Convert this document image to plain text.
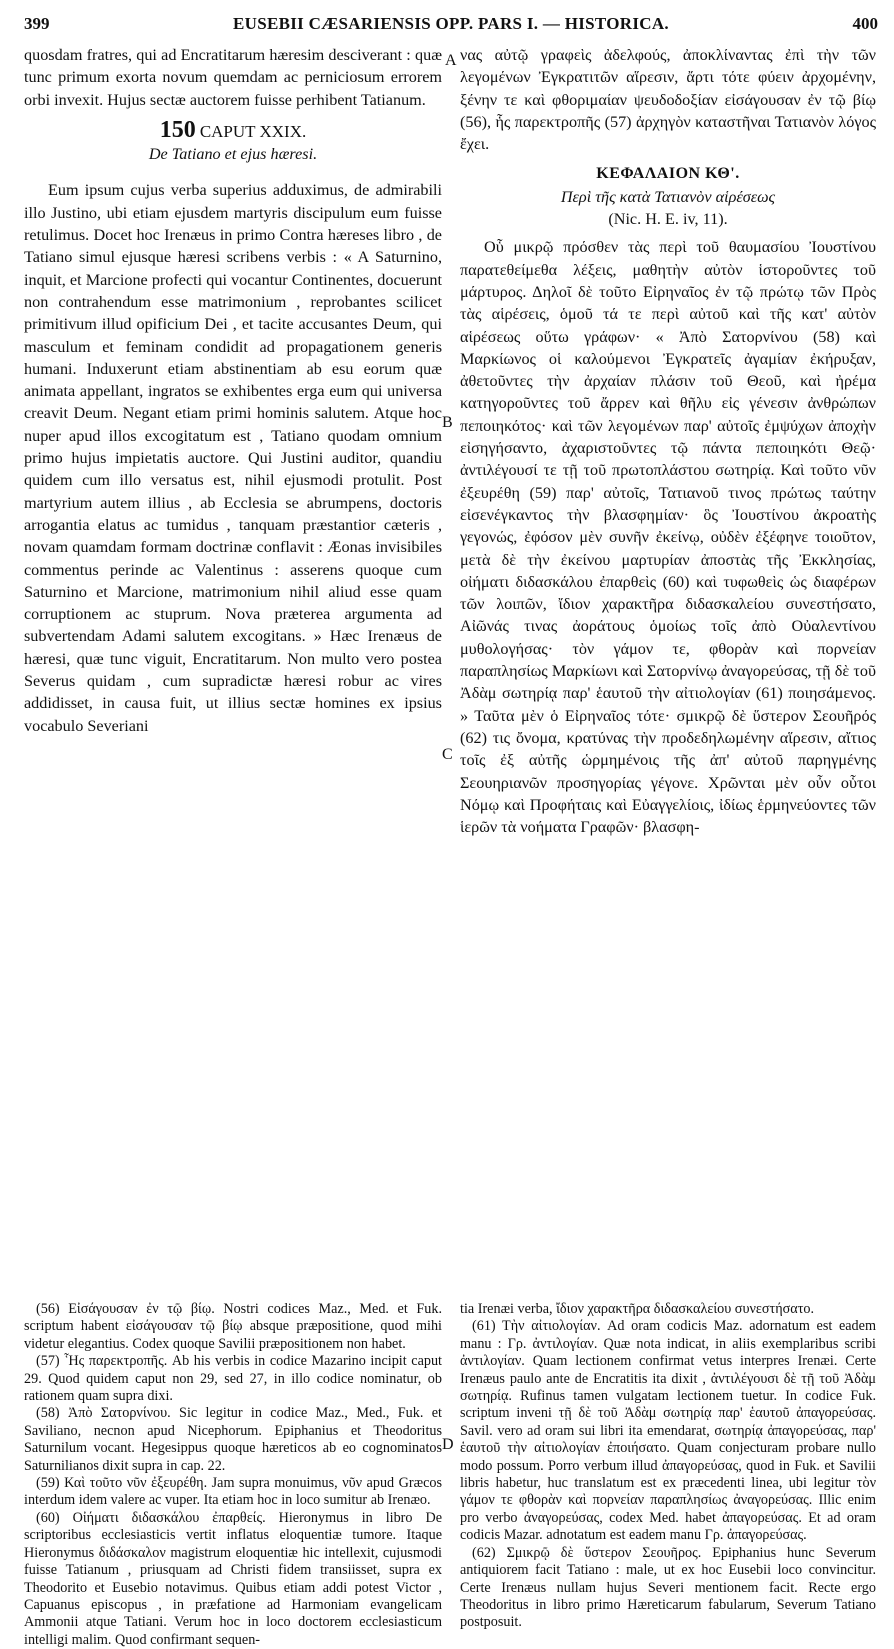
399	EUSEBII CÆSARIENSIS OPP. PARS I. — HISTORICA.	400

quosdam fratres, qui ad Encratitarum hæresim desciverant : quæ tunc primum exorta novum quemdam ac perniciosum errorem orbi invexit. Hujus sectæ auctorem fuisse perhibent Tatianum.

150 CAPUT XXIX.

De Tatiano et ejus hæresi.

Eum ipsum cujus verba superius adduximus, de admirabili illo Justino, ubi etiam ejusdem martyris discipulum eum fuisse retulimus. Docet hoc Irenæus in primo Contra hæreses libro , de Tatiano simul ejusque hæresi scribens verbis : « A Saturnino, inquit, et Marcione profecti qui vocantur Continentes, docuerunt non contrahendum esse matrimonium , reprobantes scilicet primitivum illud opificium Dei , et tacite accusantes Deum, qui masculum et feminam condidit ad propagationem generis humani. Induxerunt etiam abstinentiam ab esu eorum quæ animata appellant, ingratos se exhibentes erga eum qui universa creavit Deum. Negant etiam primi hominis salutem. Atque hoc nuper apud illos excogitatum est , Tatiano quodam omnium primo hujus impietatis auctore. Qui Justini auditor, quandiu quidem cum illo versatus est, nihil ejusmodi protulit. Post martyrium autem illius , ab Ecclesia se abrumpens, doctoris arrogantia elatus ac tumidus , tanquam præstantior cæteris , novam quamdam formam doctrinæ conflavit : Æonas invisibiles commentus perinde ac Valentinus : asserens quoque cum Saturnino et Marcione, matrimonium nihil aliud esse quam corruptionem ac stuprum. Nova præterea argumenta ad subvertendam Adami salutem excogitans. » Hæc Irenæus de hæresi, quæ tunc viguit, Encratitarum. Non multo vero postea Severus quidam , cum supradictæ hæresi robur ac vires addidisset, in causa fuit, ut illius sectæ homines ex ipsius vocabulo Severiani

νας αὐτῷ γραφεὶς ἀδελφούς, ἀποκλίναντας ἐπὶ τὴν τῶν λεγομένων Ἐγκρατιτῶν αἵρεσιν, ἄρτι τότε φύειν ἀρχομένην, ξένην τε καὶ φθοριμαίαν ψευδοδοξίαν εἰσάγουσαν ἐν τῷ βίῳ (56), ἧς παρεκτροπῆς (57) ἀρχηγὸν καταστῆναι Τατιανὸν λόγος ἔχει.

ΚΕΦΑΛΑΙΟΝ ΚΘ'.

Περὶ τῆς κατὰ Τατιανὸν αἱρέσεως

(Nic. H. E. iv, 11).

Οὗ μικρῷ πρόσθεν τὰς περὶ τοῦ θαυμασίου Ἰουστίνου παρατεθείμεθα λέξεις, μαθητὴν αὐτὸν ἱστοροῦντες τοῦ μάρτυρος. Δηλοῖ δὲ τοῦτο Εἰρηναῖος ἐν τῷ πρώτῳ τῶν Πρὸς τὰς αἱρέσεις, ὁμοῦ τά τε περὶ αὐτοῦ καὶ τῆς κατ' αὐτὸν αἱρέσεως οὕτω γράφων· « Ἀπὸ Σατορνίνου (58) καὶ Μαρκίωνος οἱ καλούμενοι Ἐγκρατεῖς ἀγαμίαν ἐκήρυξαν, ἀθετοῦντες τὴν ἀρχαίαν πλάσιν τοῦ Θεοῦ, καὶ ἠρέμα κατηγοροῦντες τοῦ ἄρρεν καὶ θῆλυ εἰς γένεσιν ἀνθρώπων πεποιηκότος· καὶ τῶν λεγομένων παρ' αὐτοῖς ἐμψύχων ἀποχὴν εἰσηγήσαντο, ἀχαριστοῦντες τῷ πάντα πεποιηκότι Θεῷ· ἀντιλέγουσί τε τῇ τοῦ πρωτοπλάστου σωτηρίᾳ. Καὶ τοῦτο νῦν ἐξευρέθη (59) παρ' αὐτοῖς, Τατιανοῦ τινος πρώτως ταύτην εἰσενέγκαντος τὴν βλασφημίαν· ὃς Ἰουστίνου ἀκροατὴς γεγονώς, ἐφόσον μὲν συνῆν ἐκείνῳ, οὐδὲν ἐξέφηνε τοιοῦτον, μετὰ δὲ τὴν ἐκείνου μαρτυρίαν ἀποστὰς τῆς Ἐκκλησίας, οἰήματι διδασκάλου ἐπαρθεὶς (60) καὶ τυφωθεὶς ὡς διαφέρων τῶν λοιπῶν, ἴδιον χαρακτῆρα διδασκαλείου συνεστήσατο, Αἰῶνάς τινας ἀοράτους ὁμοίως τοῖς ἀπὸ Οὐαλεντίνου μυθολογήσας· τὸν γάμον τε, φθορὰν καὶ πορνείαν παραπλησίως Μαρκίωνι καὶ Σατορνίνῳ ἀναγορεύσας, τῇ δὲ τοῦ Ἀδὰμ σωτηρίᾳ παρ' ἑαυτοῦ τὴν αἰτιολογίαν (61) ποιησάμενος. » Ταῦτα μὲν ὁ Εἰρηναῖος τότε· σμικρῷ δὲ ὕστερον Σεουῆρός (62) τις ὄνομα, κρατύνας τὴν προδεδηλωμένην αἵρεσιν, αἴτιος τοῖς ἐξ αὐτῆς ὡρμημένοις τῆς ἀπ' αὐτοῦ παρηγμένης Σεουηριανῶν προσηγορίας γέγονε. Χρῶνται μὲν οὖν οὗτοι Νόμῳ καὶ Προφήταις καὶ Εὐαγγελίοις, ἰδίως ἑρμηνεύοντες τῶν ἱερῶν τὰ νοήματα Γραφῶν· βλασφη-

A
B
C
D

(56) Εἰσάγουσαν ἐν τῷ βίῳ. Nostri codices Maz., Med. et Fuk. scriptum habent εἰσάγουσαν τῷ βίῳ absque præpositione, quod mihi videtur elegantius. Codex quoque Savilii præpositionem non habet.

(57) Ἧς παρεκτροπῆς. Ab his verbis in codice Mazarino incipit caput 29. Quod quidem caput non 29, sed 27, in illo codice nominatur, ob rationem quam supra dixi.

(58) Ἀπὸ Σατορνίνου. Sic legitur in codice Maz., Med., Fuk. et Saviliano, necnon apud Nicephorum. Epiphanius et Theodoritus Saturnilum vocant. Hegesippus quoque hæreticos ab eo cognominatos Saturnilianos dixit supra in cap. 22.

(59) Καὶ τοῦτο νῦν ἐξευρέθη. Jam supra monuimus, νῦν apud Græcos interdum idem valere ac vuper. Ita etiam hoc in loco sumitur ab Irenæo.

(60) Οἰήματι διδασκάλου ἐπαρθείς. Hieronymus in libro De scriptoribus ecclesiasticis vertit inflatus eloquentiæ tumore. Itaque Hieronymus διδάσκαλον magistrum eloquentiæ hic intellexit, cujusmodi fuisse Tatianum , priusquam ad Christi fidem transiisset, supra ex Theodorito et Eusebio notavimus. Quibus etiam addi potest Victor , Capuanus episcopus , in præfatione ad Harmoniam evangelicam Ammonii atque Tatiani. Verum hoc in loco doctorem ecclesiasticum intelligi malim. Quod confirmant sequen-

tia Irenæi verba, ἴδιον χαρακτῆρα διδασκαλείου συνεστήσατο.

(61) Τὴν αἰτιολογίαν. Ad oram codicis Maz. adornatum est eadem manu : Γρ. ἀντιλογίαν. Quæ nota indicat, in aliis exemplaribus scribi ἀντιλογίαν. Quam lectionem confirmat vetus interpres Irenæi. Certe Irenæus paulo ante de Encratitis ita dixit , ἀντιλέγουσι δὲ τῇ τοῦ Ἀδὰμ σωτηρίᾳ. Rufinus tamen vulgatam lectionem tuetur. In codice Fuk. scriptum inveni τῇ δὲ τοῦ Ἀδὰμ σωτηρίᾳ παρ' ἑαυτοῦ ἀπαγορεύσας. Savil. vero ad oram sui libri ita emendarat, σωτηρίᾳ ἀπαγορεύσας, παρ' ἑαυτοῦ τὴν αἰτιολογίαν ἐποιήσατο. Quam conjecturam probare nullo modo possum. Porro verbum illud ἀπαγορεύσας, quod in Fuk. et Savilii libris habetur, huc translatum est ex præcedenti linea, ubi legitur τὸν γάμον τε φθορὰν καὶ πορνείαν παραπλησίως ἀναγορεύσας. Illic enim pro verbo ἀναγορεύσας, codex Med. habet ἀπαγορεύσας. Et ad oram codicis Mazar. adnotatum est eadem manu Γρ. ἀπαγορεύσας.

(62) Σμικρῷ δὲ ὕστερον Σεουῆρος. Epiphanius hunc Severum antiquiorem facit Tatiano : male, ut ex hoc Eusebii loco convincitur. Certe Irenæus nullam hujus Severi mentionem facit. Recte ergo Theodoritus in libro primo Hæreticarum fabularum, Severum Tatiano postposuit.
